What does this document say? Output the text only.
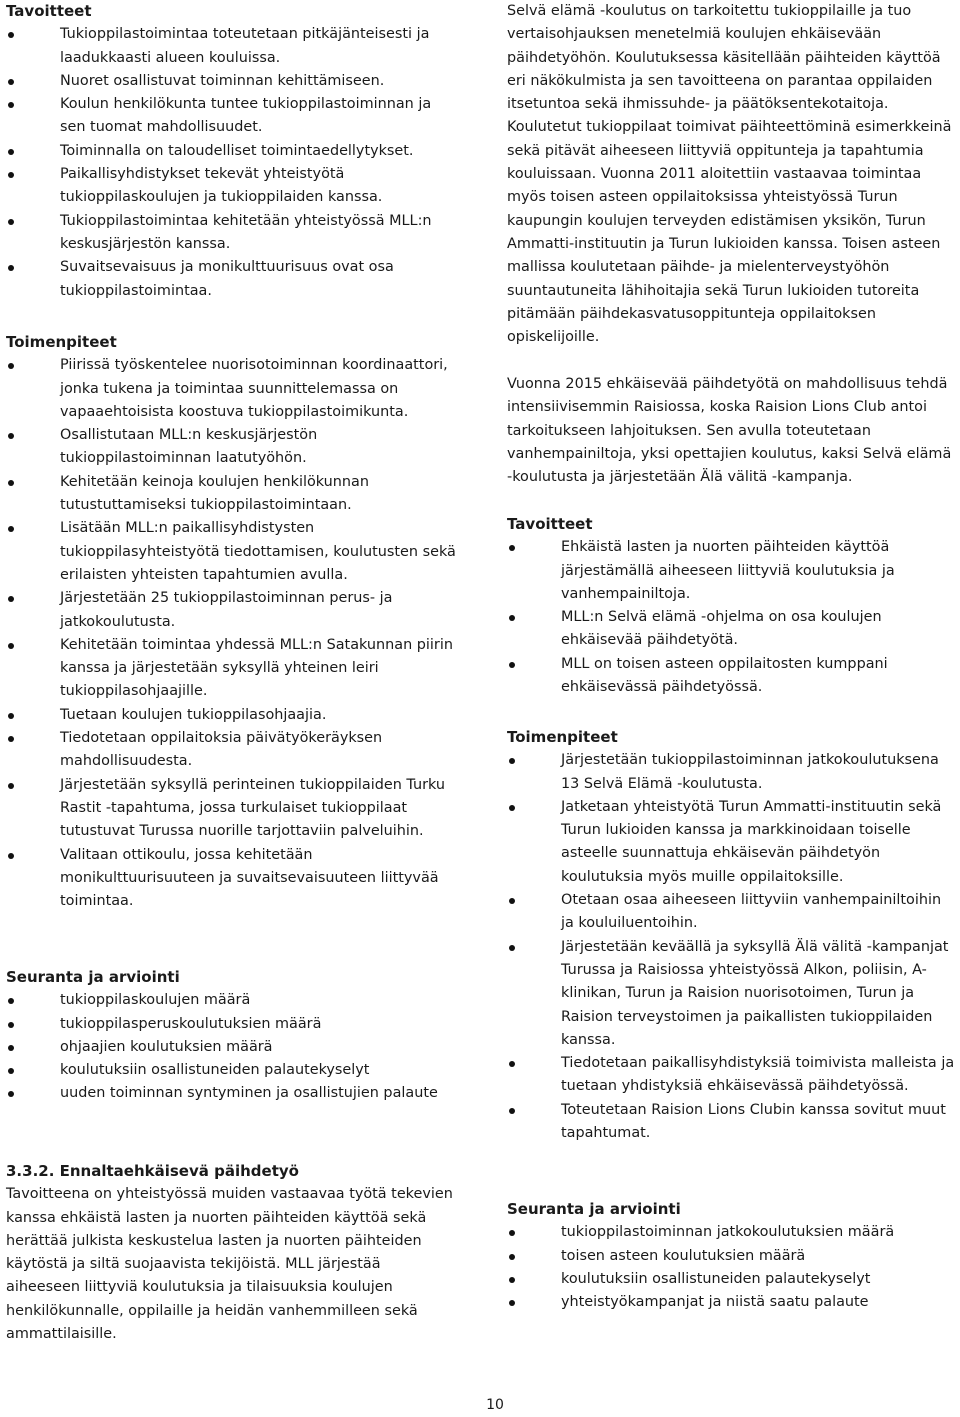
Tavoitteet
Tukioppilastoimintaa toteutetaan pitkäjänteisesti ja laadukkaasti alueen kouluissa.
Nuoret osallistuvat toiminnan kehittämiseen.
Koulun henkilökunta tuntee tukioppilastoiminnan ja sen tuomat mahdollisuudet.
Toiminnalla on taloudelliset toimintaedellytykset.
Paikallisyhdistykset tekevät yhteistyötä tukioppilaskoulujen ja tukioppilaiden kanssa.
Tukioppilastoimintaa kehitetään yhteistyössä MLL:n keskusjärjestön kanssa.
Suvaitsevaisuus ja monikulttuurisuus ovat osa tukioppilastoimintaa.
Toimenpiteet
Piirissä työskentelee nuorisotoiminnan koordinaattori, jonka tukena ja toimintaa suunnittelemassa on vapaaehtoisista koostuva tukioppilastoimikunta.
Osallistutaan MLL:n keskusjärjestön tukioppilastoiminnan laatutyöhön.
Kehitetään keinoja koulujen henkilökunnan tutustuttamiseksi tukioppilastoimintaan.
Lisätään MLL:n paikallisyhdistysten tukioppilasyhteistyötä tiedottamisen, koulutusten sekä erilaisten yhteisten tapahtumien avulla.
Järjestetään 25 tukioppilastoiminnan perus- ja jatkokoulutusta.
Kehitetään toimintaa yhdessä MLL:n Satakunnan piirin kanssa ja järjestetään syksyllä yhteinen leiri tukioppilasohjaajille.
Tuetaan koulujen tukioppilasohjaajia.
Tiedotetaan oppilaitoksia päivätyökeräyksen mahdollisuudesta.
Järjestetään syksyllä perinteinen tukioppilaiden Turku Rastit -tapahtuma, jossa turkulaiset tukioppilaat tutustuvat Turussa nuorille tarjottaviin palveluihin.
Valitaan ottikoulu, jossa kehitetään monikulttuurisuuteen ja suvaitsevaisuuteen liittyvää toimintaa.
Seuranta ja arviointi
tukioppilaskoulujen määrä
tukioppilasperuskoulutuksien määrä
ohjaajien koulutuksien määrä
koulutuksiin osallistuneiden palautekyselyt
uuden toiminnan syntyminen ja osallistujien palaute
3.3.2. Ennaltaehkäisevä päihdetyö

Tavoitteena on yhteistyössä muiden vastaavaa työtä tekevien kanssa ehkäistä lasten ja nuorten päihteiden käyttöä sekä herättää julkista keskustelua lasten ja nuorten päihteiden käytöstä ja siltä suojaavista tekijöistä. MLL järjestää aiheeseen liittyviä koulutuksia ja tilaisuuksia koulujen henkilökunnalle, oppilaille ja heidän vanhemmilleen sekä ammattilaisille.

Selvä elämä -koulutus on tarkoitettu tukioppilaille ja tuo vertaisohjauksen menetelmiä koulujen ehkäisevään päihdetyöhön. Koulutuksessa käsitellään päihteiden käyttöä eri näkökulmista ja sen tavoitteena on parantaa oppilaiden itsetuntoa sekä ihmissuhde- ja päätöksentekotaitoja. Koulutetut tukioppilaat toimivat päihteettöminä esimerkkeinä sekä pitävät aiheeseen liittyviä oppitunteja ja tapahtumia kouluissaan. Vuonna 2011 aloitettiin vastaavaa toimintaa myös toisen asteen oppilaitoksissa yhteistyössä Turun kaupungin koulujen terveyden edistämisen yksikön, Turun Ammatti-instituutin ja Turun lukioiden kanssa. Toisen asteen mallissa koulutetaan päihde- ja mielenterveystyöhön suuntautuneita lähihoitajia sekä Turun lukioiden tutoreita pitämään päihdekasvatusoppitunteja oppilaitoksen opiskelijoille.

Vuonna 2015 ehkäisevää päihdetyötä on mahdollisuus tehdä intensiivisemmin Raisiossa, koska Raision Lions Club antoi tarkoitukseen lahjoituksen. Sen avulla toteutetaan vanhempainiltoja, yksi opettajien koulutus, kaksi Selvä elämä -koulutusta ja järjestetään Älä välitä -kampanja.

Tavoitteet
Ehkäistä lasten ja nuorten päihteiden käyttöä järjestämällä aiheeseen liittyviä koulutuksia ja vanhempainiltoja.
MLL:n Selvä elämä -ohjelma on osa koulujen ehkäisevää päihdetyötä.
MLL on toisen asteen oppilaitosten kumppani ehkäisevässä päihdetyössä.
Toimenpiteet
Järjestetään tukioppilastoiminnan jatkokoulutuksena 13 Selvä Elämä -koulutusta.
Jatketaan yhteistyötä Turun Ammatti-instituutin sekä Turun lukioiden kanssa ja markkinoidaan toiselle asteelle suunnattuja ehkäisevän päihdetyön koulutuksia myös muille oppilaitoksille.
Otetaan osaa aiheeseen liittyviin vanhempainiltoihin ja kouluiluentoihin.
Järjestetään keväällä ja syksyllä Älä välitä -kampanjat Turussa ja Raisiossa yhteistyössä Alkon, poliisin, A-klinikan, Turun ja Raision nuorisotoimen, Turun ja Raision terveystoimen ja paikallisten tukioppilaiden kanssa.
Tiedotetaan paikallisyhdistyksiä toimivista malleista ja tuetaan yhdistyksiä ehkäisevässä päihdetyössä.
Toteutetaan Raision Lions Clubin kanssa sovitut muut tapahtumat.
Seuranta ja arviointi
tukioppilastoiminnan jatkokoulutuksien määrä
toisen asteen koulutuksien määrä
koulutuksiin osallistuneiden palautekyselyt
yhteistyökampanjat ja niistä saatu palaute
10
